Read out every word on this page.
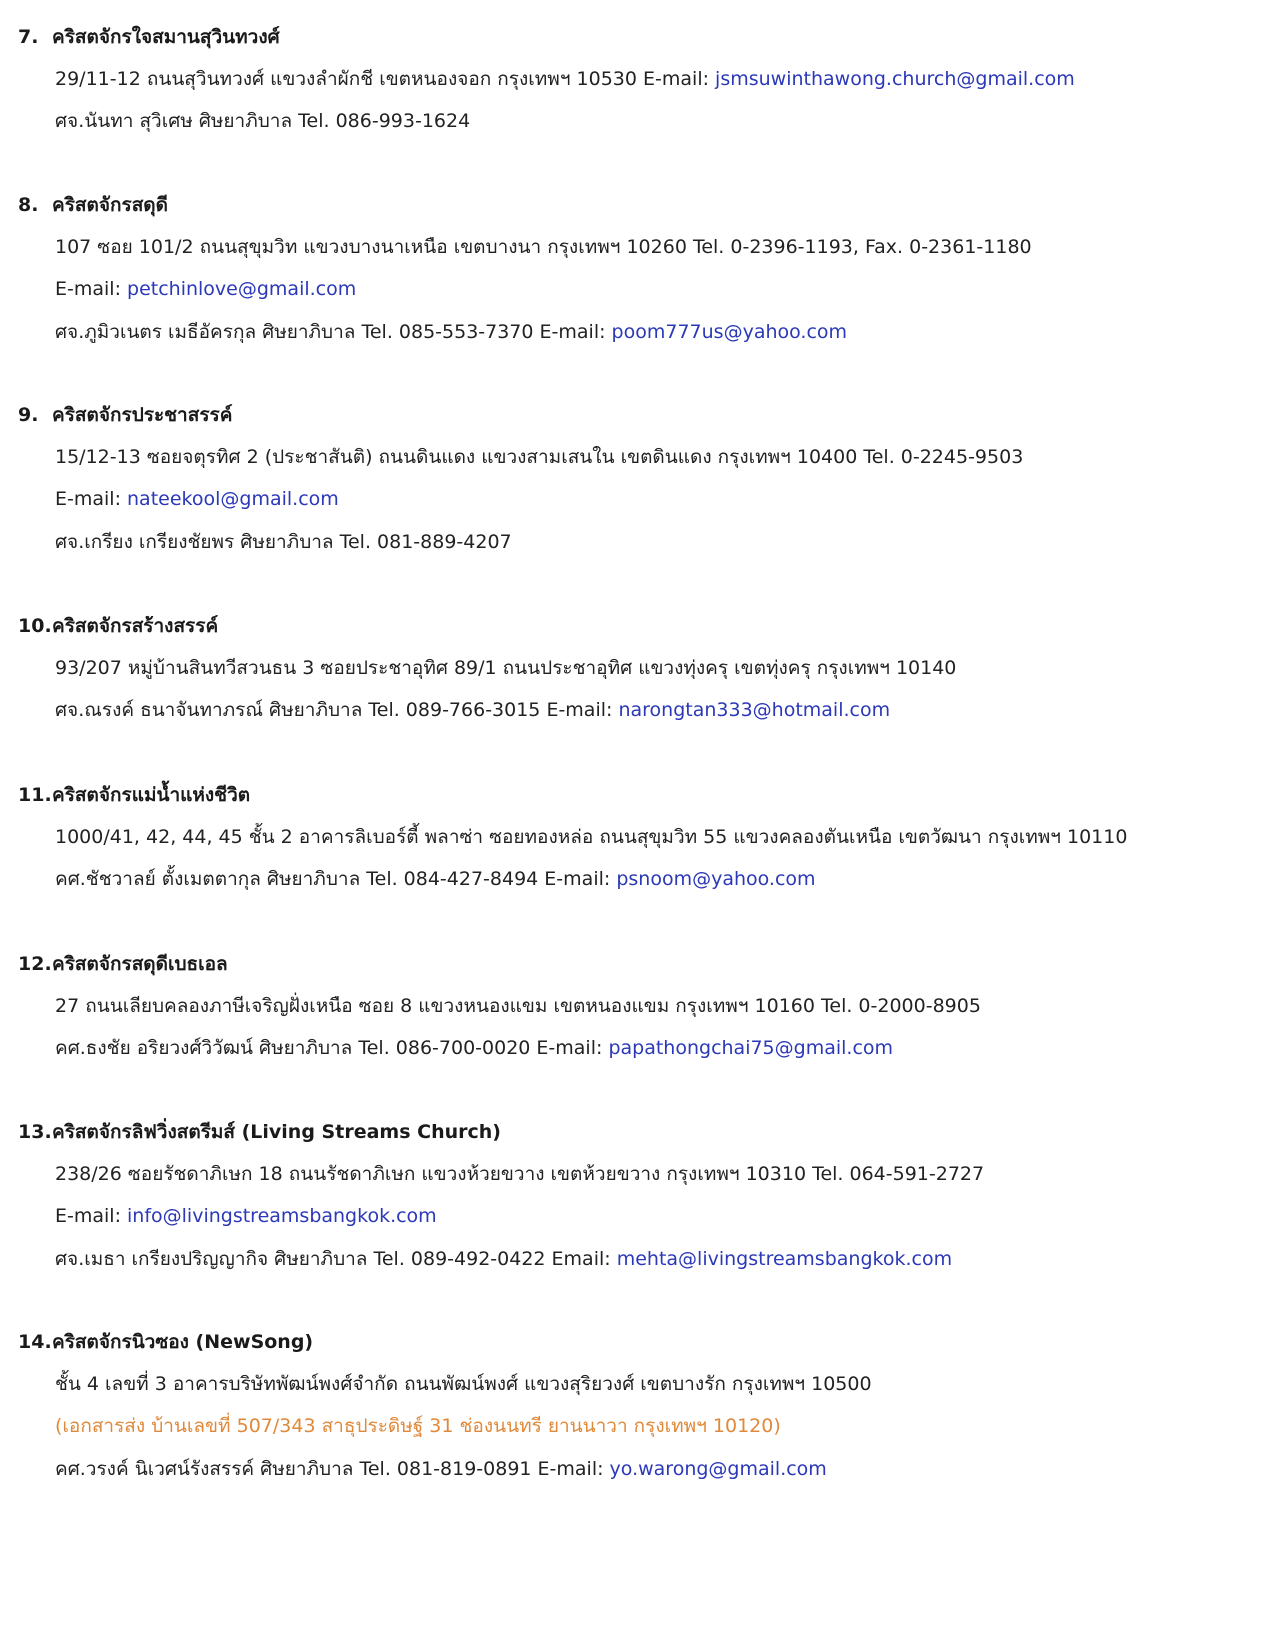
7. คริสตจักรใจสมานสุวินทวงศ์
29/11-12 ถนนสุวินทวงศ์ แขวงลำผักชี เขตหนองจอก กรุงเทพฯ 10530 E-mail: jsmsuwinthawong.church@gmail.com
ศจ.นันทา สุวิเศษ ศิษยาภิบาล Tel. 086-993-1624
8. คริสตจักรสดุดี
107 ซอย 101/2 ถนนสุขุมวิท แขวงบางนาเหนือ เขตบางนา กรุงเทพฯ 10260 Tel. 0-2396-1193, Fax. 0-2361-1180
E-mail: petchinlove@gmail.com
ศจ.ภูมิวเนตร เมธีอัครกุล ศิษยาภิบาล Tel. 085-553-7370 E-mail: poom777us@yahoo.com
9. คริสตจักรประชาสรรค์
15/12-13 ซอยจตุรทิศ 2 (ประชาสันติ) ถนนดินแดง แขวงสามเสนใน เขตดินแดง กรุงเทพฯ 10400 Tel. 0-2245-9503
E-mail: nateekool@gmail.com
ศจ.เกรียง เกรียงชัยพร ศิษยาภิบาล Tel. 081-889-4207
10.คริสตจักรสร้างสรรค์
93/207 หมู่บ้านสินทวีสวนธน 3 ซอยประชาอุทิศ 89/1 ถนนประชาอุทิศ แขวงทุ่งครุ เขตทุ่งครุ กรุงเทพฯ 10140
ศจ.ณรงค์ ธนาจันทาภรณ์ ศิษยาภิบาล Tel. 089-766-3015 E-mail: narongtan333@hotmail.com
11.คริสตจักรแม่น้ำแห่งชีวิต
1000/41, 42, 44, 45 ชั้น 2 อาคารลิเบอร์ตี้ พลาซ่า ซอยทองหล่อ ถนนสุขุมวิท 55 แขวงคลองตันเหนือ เขตวัฒนา กรุงเทพฯ 10110
คศ.ชัชวาลย์ ตั้งเมตตากุล ศิษยาภิบาล Tel. 084-427-8494 E-mail: psnoom@yahoo.com
12.คริสตจักรสดุดีเบธเอล
27 ถนนเลียบคลองภาษีเจริญฝั่งเหนือ ซอย 8 แขวงหนองแขม เขตหนองแขม กรุงเทพฯ 10160 Tel. 0-2000-8905
คศ.ธงชัย อริยวงศ์วิวัฒน์ ศิษยาภิบาล Tel. 086-700-0020 E-mail: papathongchai75@gmail.com
13.คริสตจักรลิฟวิ่งสตรีมส์ (Living Streams Church)
238/26 ซอยรัชดาภิเษก 18 ถนนรัชดาภิเษก แขวงห้วยขวาง เขตห้วยขวาง กรุงเทพฯ 10310 Tel. 064-591-2727
E-mail: info@livingstreamsbangkok.com
ศจ.เมธา เกรียงปริญญากิจ ศิษยาภิบาล Tel. 089-492-0422 Email: mehta@livingstreamsbangkok.com
14.คริสตจักรนิวซอง (NewSong)
ชั้น 4 เลขที่ 3 อาคารบริษัทพัฒน์พงศ์จำกัด ถนนพัฒน์พงศ์ แขวงสุริยวงศ์ เขตบางรัก กรุงเทพฯ 10500
(เอกสารส่ง บ้านเลขที่ 507/343 สาธุประดิษฐ์ 31 ช่องนนทรี ยานนาวา กรุงเทพฯ 10120)
คศ.วรงค์ นิเวศน์รังสรรค์ ศิษยาภิบาล Tel. 081-819-0891 E-mail: yo.warong@gmail.com
